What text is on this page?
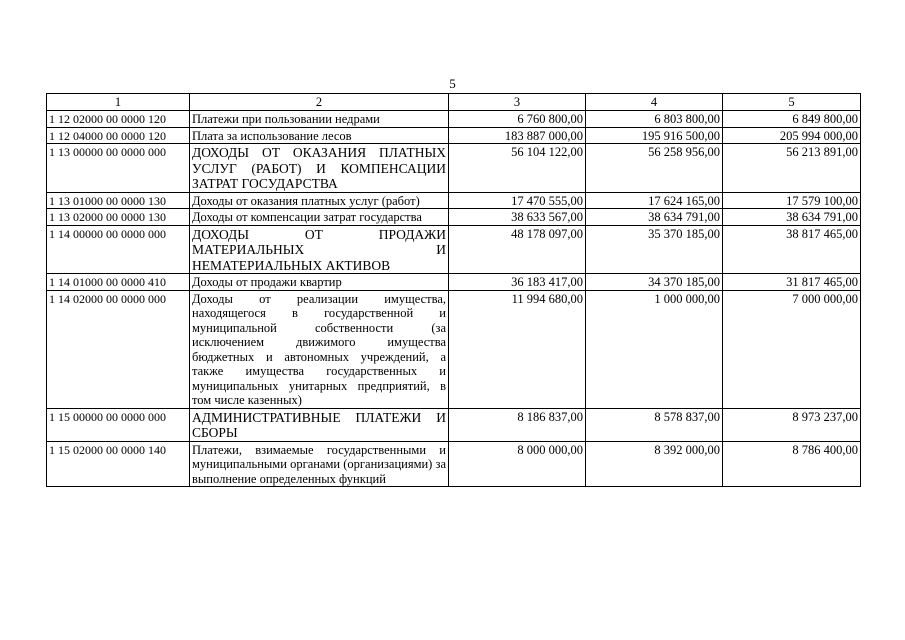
5
1	2	3	4	5
1 12 02000 00 0000 120	Платежи при пользовании недрами	6 760 800,00	6 803 800,00	6 849 800,00
1 12 04000 00 0000 120	Плата за использование лесов	183 887 000,00	195 916 500,00	205 994 000,00
1 13 00000 00 0000 000	ДОХОДЫ ОТ ОКАЗАНИЯ ПЛАТНЫХ УСЛУГ (РАБОТ) И КОМПЕНСАЦИИ ЗАТРАТ ГОСУДАРСТВА	56 104 122,00	56 258 956,00	56 213 891,00
1 13 01000 00 0000 130	Доходы от оказания платных услуг (работ)	17 470 555,00	17 624 165,00	17 579 100,00
1 13 02000 00 0000 130	Доходы от компенсации затрат государства	38 633 567,00	38 634 791,00	38 634 791,00
1 14 00000 00 0000 000	ДОХОДЫ ОТ ПРОДАЖИ МАТЕРИАЛЬНЫХ И НЕМАТЕРИАЛЬНЫХ АКТИВОВ	48 178 097,00	35 370 185,00	38 817 465,00
1 14 01000 00 0000 410	Доходы от продажи квартир	36 183 417,00	34 370 185,00	31 817 465,00
1 14 02000 00 0000 000	Доходы от реализации имущества, находящегося в государственной и муниципальной собственности (за исключением движимого имущества бюджетных и автономных учреждений, а также имущества государственных и муниципальных унитарных предприятий, в том числе казенных)	11 994 680,00	1 000 000,00	7 000 000,00
1 15 00000 00 0000 000	АДМИНИСТРАТИВНЫЕ ПЛАТЕЖИ И СБОРЫ	8 186 837,00	8 578 837,00	8 973 237,00
1 15 02000 00 0000 140	Платежи, взимаемые государственными и муниципальными органами (организациями) за выполнение определенных функций	8 000 000,00	8 392 000,00	8 786 400,00
